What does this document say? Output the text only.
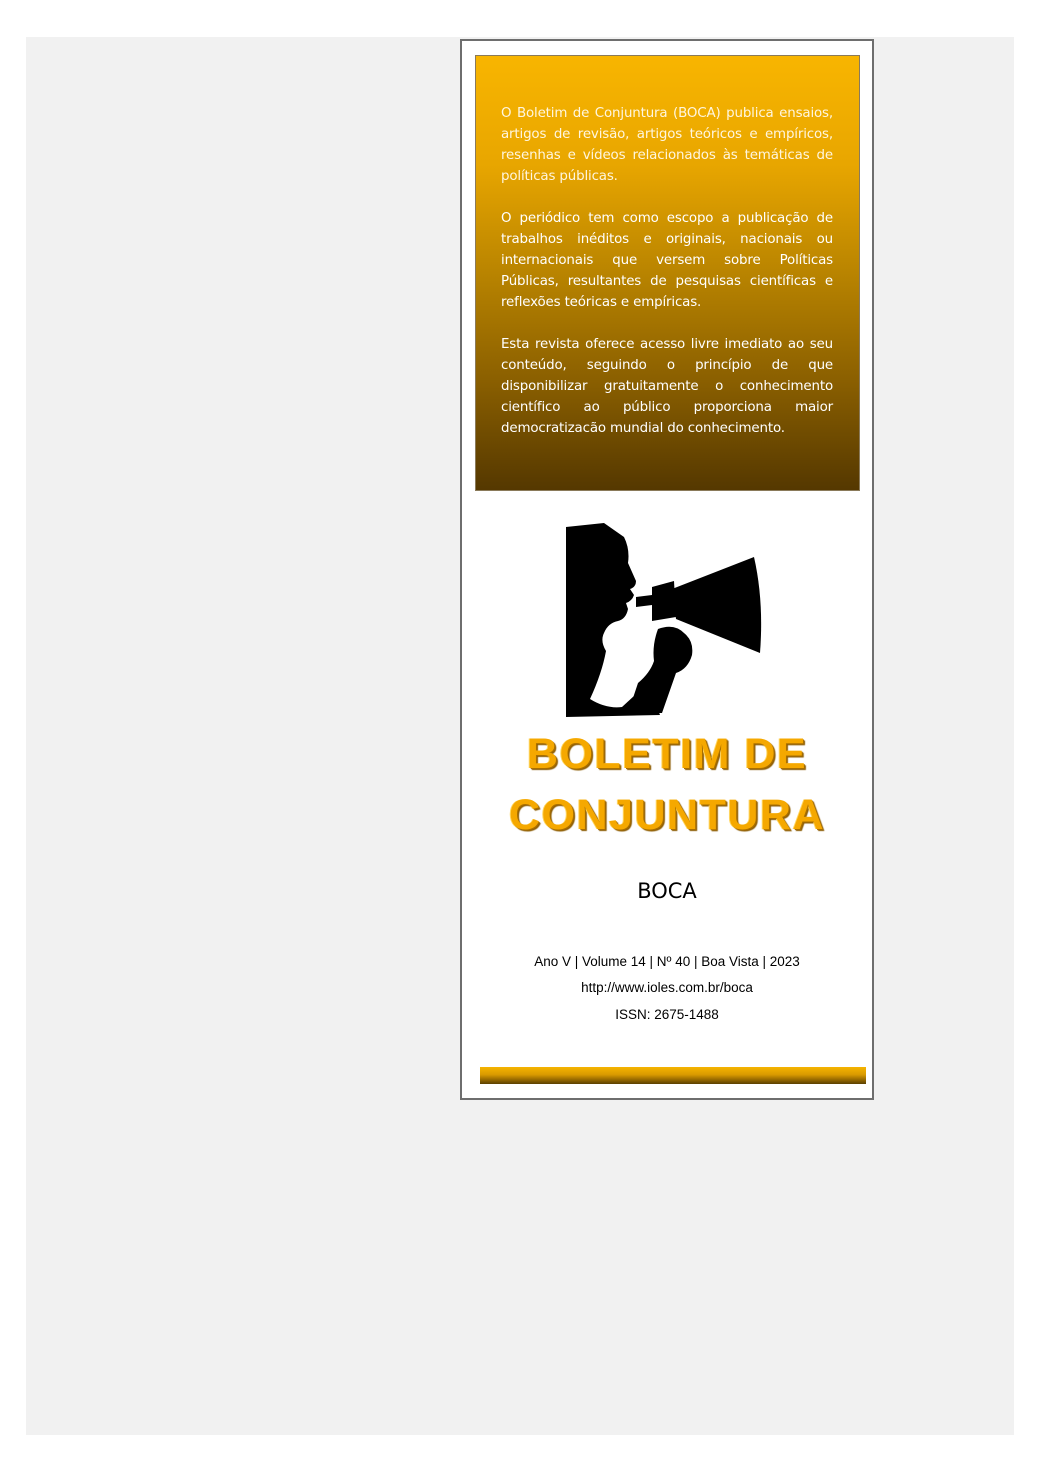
O Boletim de Conjuntura (BOCA) publica ensaios, artigos de revisão, artigos teóricos e empíricos, resenhas e vídeos relacionados às temáticas de políticas públicas.

O periódico tem como escopo a publicação de trabalhos inéditos e originais, nacionais ou internacionais que versem sobre Políticas Públicas, resultantes de pesquisas científicas e reflexões teóricas e empíricas.

Esta revista oferece acesso livre imediato ao seu conteúdo, seguindo o princípio de que disponibilizar gratuitamente o conhecimento científico ao público proporciona maior democratizacão mundial do conhecimento.

BOLETIM DE
CONJUNTURA
BOCA
Ano V | Volume 14 | Nº 40 | Boa Vista | 2023
http://www.ioles.com.br/boca
ISSN: 2675-1488
